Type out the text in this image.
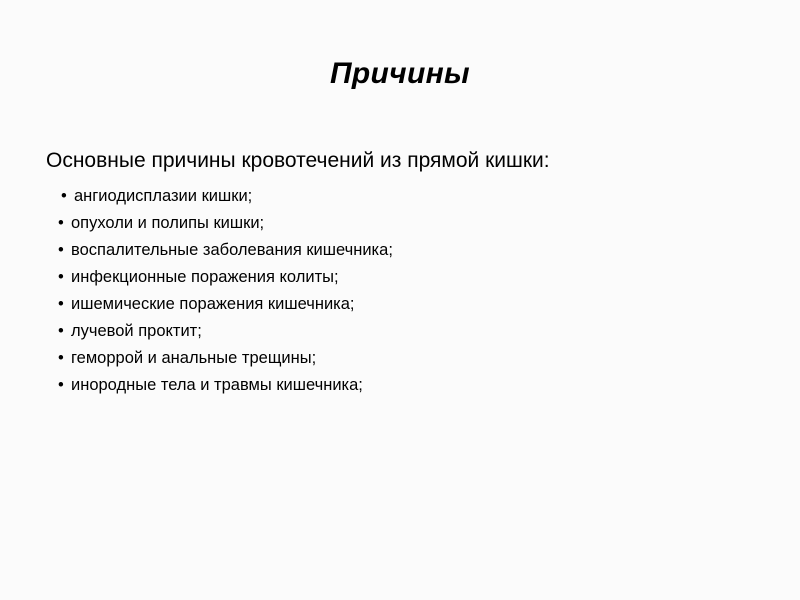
Причины
Основные причины кровотечений из прямой кишки:
• ангиодисплазии кишки;
• опухоли и полипы кишки;
• воспалительные заболевания кишечника;
• инфекционные поражения колиты;
• ишемические поражения кишечника;
• лучевой проктит;
• геморрой и анальные трещины;
• инородные тела и травмы кишечника;
